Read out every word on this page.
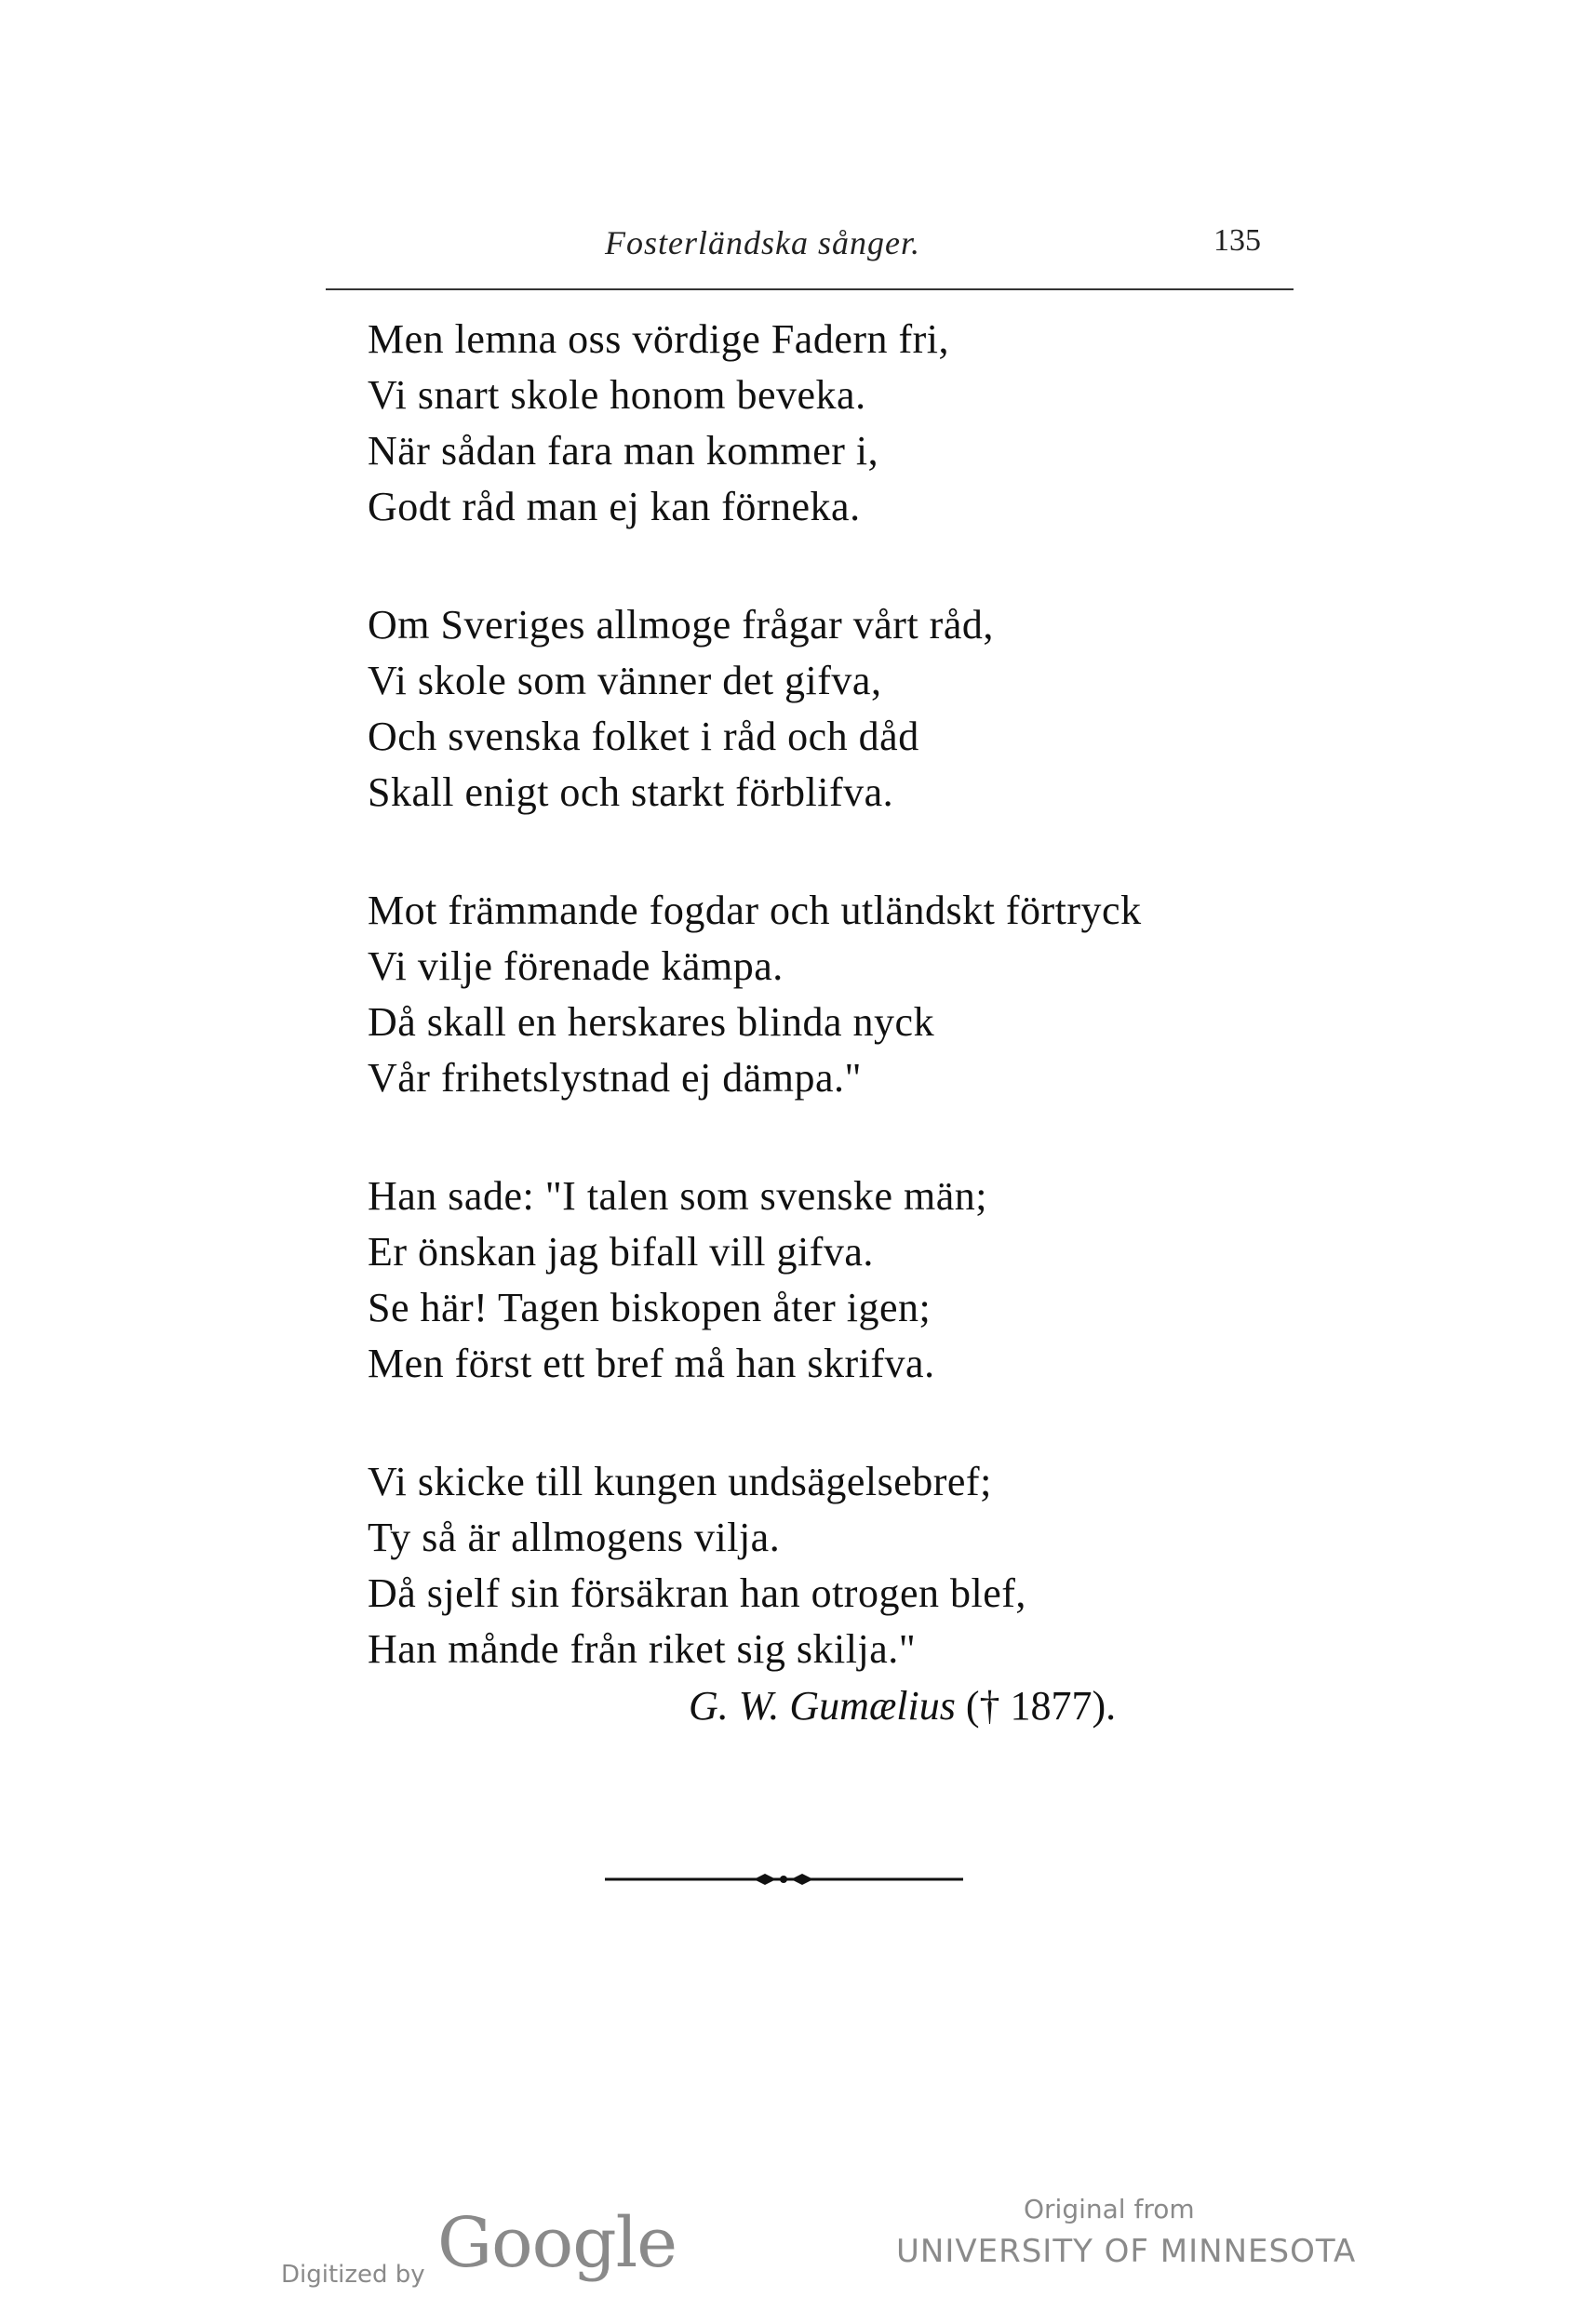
Fosterländska sånger.	135
Men lemna oss vördige Fadern fri,
Vi snart skole honom beveka.
När sådan fara man kommer i,
Godt råd man ej kan förneka.
Om Sveriges allmoge frågar vårt råd,
Vi skole som vänner det gifva,
Och svenska folket i råd och dåd
Skall enigt och starkt förblifva.
Mot främmande fogdar och utländskt förtryck
Vi vilje förenade kämpa.
Då skall en herskares blinda nyck
Vår frihetslystnad ej dämpa."
Han sade: "I talen som svenske män;
Er önskan jag bifall vill gifva.
Se här! Tagen biskopen åter igen;
Men först ett bref må han skrifva.
Vi skicke till kungen undsägelsebref;
Ty så är allmogens vilja.
Då sjelf sin försäkran han otrogen blef,
Han månde från riket sig skilja."
G. W. Gumælius († 1877).
Digitized by Google	Original from
UNIVERSITY OF MINNESOTA
